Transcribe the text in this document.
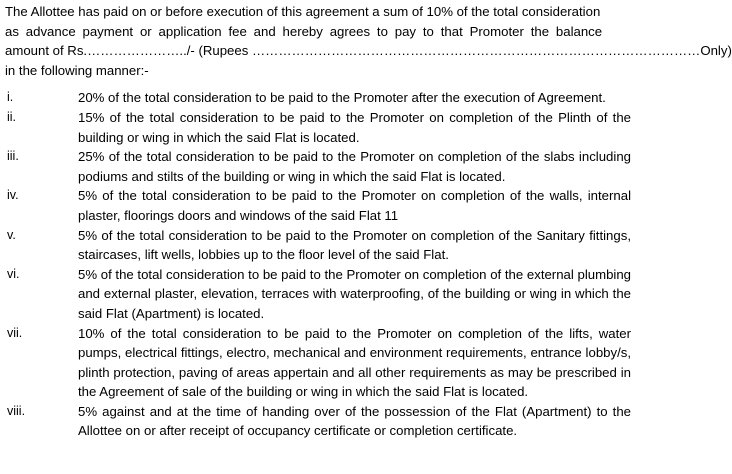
The Allottee has paid on or before execution of this agreement a sum of 10% of the total consideration
as advance payment or application fee and hereby agrees to pay to that Promoter the balance
amount of Rs.…………………../- (Rupees ………………………………………………………………………………………… Only)
in the following manner:-
i.	20% of the total consideration to be paid to the Promoter after the execution of Agreement.
ii.	15% of the total consideration to be paid to the Promoter on completion of the Plinth of the building or wing in which the said Flat is located.
iii.	25% of the total consideration to be paid to the Promoter on completion of the slabs including podiums and stilts of the building or wing in which the said Flat is located.
iv.	5% of the total consideration to be paid to the Promoter on completion of the walls, internal plaster, floorings doors and windows of the said Flat 11
v.	5% of the total consideration to be paid to the Promoter on completion of the Sanitary fittings, staircases, lift wells, lobbies up to the floor level of the said Flat.
vi.	5% of the total consideration to be paid to the Promoter on completion of the external plumbing and external plaster, elevation, terraces with waterproofing, of the building or wing in which the said Flat (Apartment) is located.
vii.	10% of the total consideration to be paid to the Promoter on completion of the lifts, water pumps, electrical fittings, electro, mechanical and environment requirements, entrance lobby/s, plinth protection, paving of areas appertain and all other requirements as may be prescribed in the Agreement of sale of the building or wing in which the said Flat is located.
viii.	5% against and at the time of handing over of the possession of the Flat (Apartment) to the Allottee on or after receipt of occupancy certificate or completion certificate.
